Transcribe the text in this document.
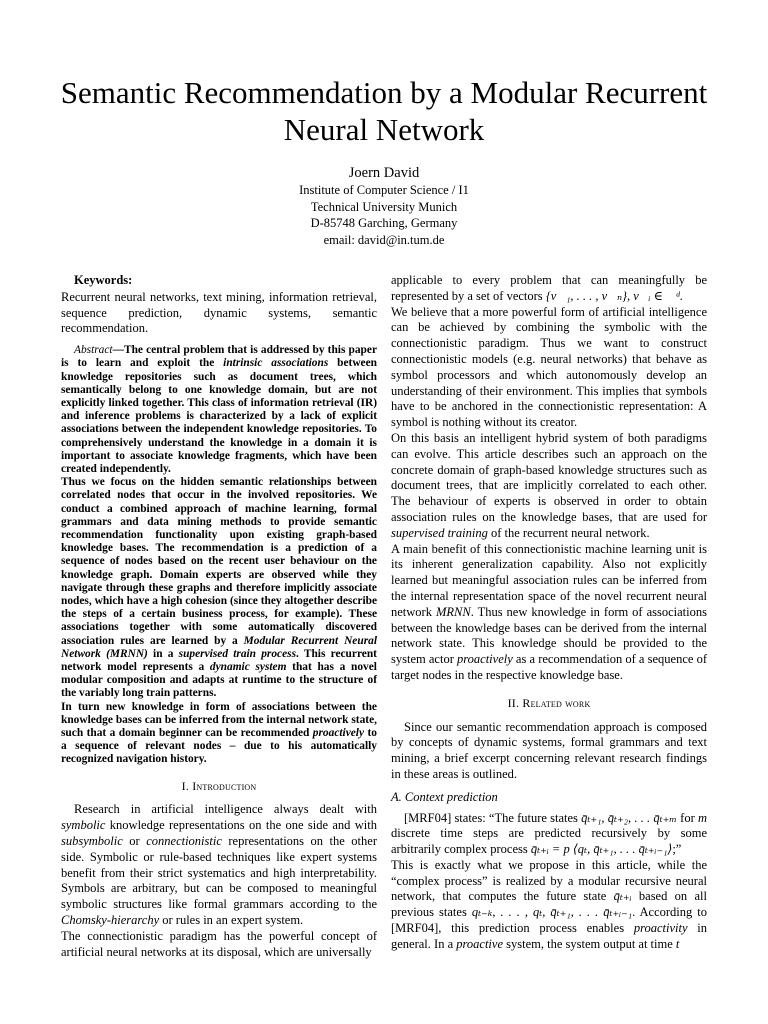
Semantic Recommendation by a Modular Recurrent Neural Network
Joern David
Institute of Computer Science / I1
Technical University Munich
D-85748 Garching, Germany
email: david@in.tum.de
Keywords:

Recurrent neural networks, text mining, information retrieval, sequence prediction, dynamic systems, semantic recommendation.

Abstract—The central problem that is addressed by this paper is to learn and exploit the intrinsic associations between knowledge repositories such as document trees, which semantically belong to one knowledge domain, but are not explicitly linked together. This class of information retrieval (IR) and inference problems is characterized by a lack of explicit associations between the independent knowledge repositories. To comprehensively understand the knowledge in a domain it is important to associate knowledge fragments, which have been created independently.

Thus we focus on the hidden semantic relationships between correlated nodes that occur in the involved repositories. We conduct a combined approach of machine learning, formal grammars and data mining methods to provide semantic recommendation functionality upon existing graph-based knowledge bases. The recommendation is a prediction of a sequence of nodes based on the recent user behaviour on the knowledge graph. Domain experts are observed while they navigate through these graphs and therefore implicitly associate nodes, which have a high cohesion (since they altogether describe the steps of a certain business process, for example). These associations together with some automatically discovered association rules are learned by a Modular Recurrent Neural Network (MRNN) in a supervised train process. This recurrent network model represents a dynamic system that has a novel modular composition and adapts at runtime to the structure of the variably long train patterns.

In turn new knowledge in form of associations between the knowledge bases can be inferred from the internal network state, such that a domain beginner can be recommended proactively to a sequence of relevant nodes – due to his automatically recognized navigation history.

I. Introduction

Research in artificial intelligence always dealt with symbolic knowledge representations on the one side and with subsymbolic or connectionistic representations on the other side. Symbolic or rule-based techniques like expert systems benefit from their strict systematics and high interpretability. Symbols are arbitrary, but can be composed to meaningful symbolic structures like formal grammars according to the Chomsky-hierarchy or rules in an expert system.

The connectionistic paradigm has the powerful concept of artificial neural networks at its disposal, which are universally

applicable to every problem that can meaningfully be represented by a set of vectors {v⃗₁, . . . , v⃗ₙ}, v⃗ᵢ ∈ ℝᵈ.

We believe that a more powerful form of artificial intelligence can be achieved by combining the symbolic with the connectionistic paradigm. Thus we want to construct connectionistic models (e.g. neural networks) that behave as symbol processors and which autonomously develop an understanding of their environment. This implies that symbols have to be anchored in the connectionistic representation: A symbol is nothing without its creator.

On this basis an intelligent hybrid system of both paradigms can evolve. This article describes such an approach on the concrete domain of graph-based knowledge structures such as document trees, that are implicitly correlated to each other. The behaviour of experts is observed in order to obtain association rules on the knowledge bases, that are used for supervised training of the recurrent neural network.

A main benefit of this connectionistic machine learning unit is its inherent generalization capability. Also not explicitly learned but meaningful association rules can be inferred from the internal representation space of the novel recurrent neural network MRNN. Thus new knowledge in form of associations between the knowledge bases can be derived from the internal network state. This knowledge should be provided to the system actor proactively as a recommendation of a sequence of target nodes in the respective knowledge base.

II. Related work

Since our semantic recommendation approach is composed by concepts of dynamic systems, formal grammars and text mining, a brief excerpt concerning relevant research findings in these areas is outlined.

A. Context prediction

[MRF04] states: “The future states q̄ₜ₊₁, q̄ₜ₊₂, . . . q̄ₜ₊ₘ for m discrete time steps are predicted recursively by some arbitrarily complex process q̄ₜ₊ᵢ = p ⟨qₜ, q̄ₜ₊₁, . . . q̄ₜ₊ᵢ₋₁⟩;”

This is exactly what we propose in this article, while the “complex process” is realized by a modular recursive neural network, that computes the future state q̄ₜ₊ᵢ based on all previous states qₜ₋ₖ, . . . , qₜ, q̄ₜ₊₁, . . . q̄ₜ₊ᵢ₋₁. According to [MRF04], this prediction process enables proactivity in general. In a proactive system, the system output at time t
